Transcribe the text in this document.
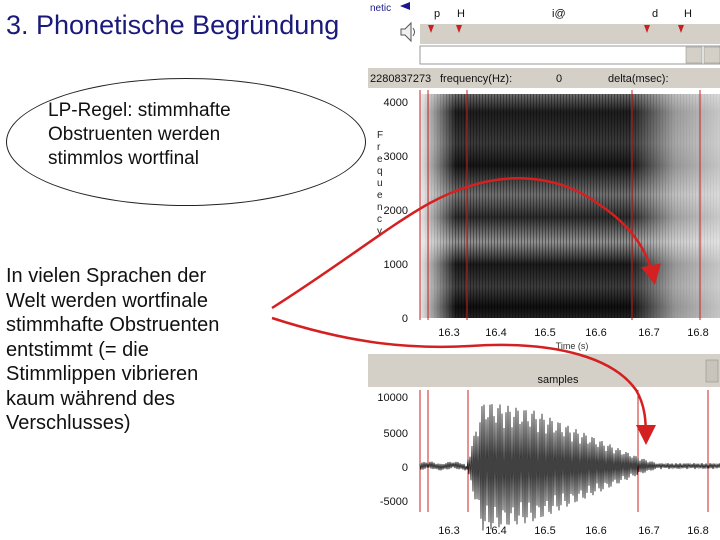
3. Phonetische Begründung
LP-Regel: stimmhafte
Obstruenten werden
stimmlos wortfinal
In vielen Sprachen der
Welt werden wortfinale
stimmhafte Obstruenten
entstimmt (= die
Stimmlippen vibrieren
kaum während des
Verschlusses)
netic	p H	i@	d H
2280837273 frequency(Hz):	0	delta(msec):
4000
3000
2000
1000
0
F
r
e
q
u
e
n
c
y
16.3 16.4	16.5	16.6	16.7	16.8
Time (s)
samples
10000
5000
0
-5000
16.3 16.4	16.5	16.6	16.7	16.8
